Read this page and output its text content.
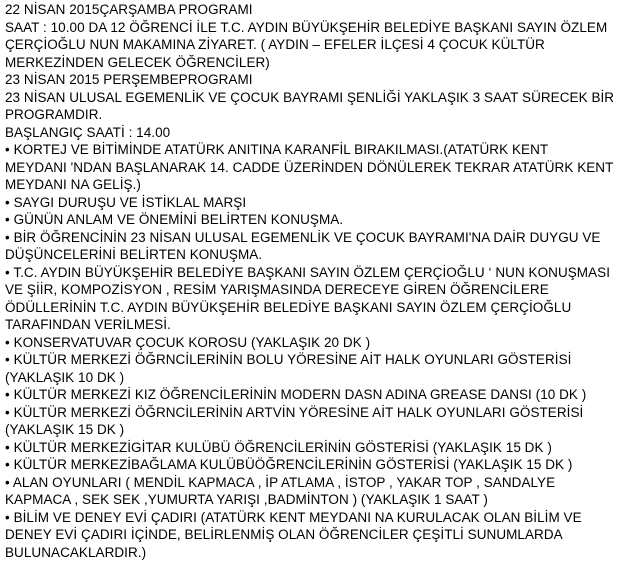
22 NİSAN 2015ÇARŞAMBA PROGRAMI
SAAT : 10.00 DA 12 ÖĞRENCİ İLE T.C. AYDIN BÜYÜKŞEHİR BELEDİYE BAŞKANI SAYIN ÖZLEM
ÇERÇİOĞLU NUN MAKAMINA ZİYARET. ( AYDIN – EFELER İLÇESİ 4 ÇOCUK KÜLTÜR
MERKEZİNDEN GELECEK ÖĞRENCİLER)
23 NİSAN 2015 PERŞEMBEPROGRAMI
23 NİSAN ULUSAL EGEMENLİK VE ÇOCUK BAYRAMI ŞENLİĞİ YAKLAŞIK 3 SAAT SÜRECEK BİR
PROGRAMDIR.
BAŞLANGIÇ SAATİ : 14.00
• KORTEJ VE BİTİMİNDE ATATÜRK ANITINA KARANFİL BIRAKILMASI.(ATATÜRK KENT
MEYDANI 'NDAN BAŞLANARAK 14. CADDE ÜZERİNDEN DÖNÜLEREK TEKRAR ATATÜRK KENT
MEYDANI NA GELİŞ.)
• SAYGI DURUŞU VE İSTİKLAL MARŞI
• GÜNÜN ANLAM VE ÖNEMİNİ BELİRTEN KONUŞMA.
• BİR ÖĞRENCİNİN 23 NİSAN ULUSAL EGEMENLİK VE ÇOCUK BAYRAMI'NA DAİR DUYGU VE
DÜŞÜNCELERİNİ BELİRTEN KONUŞMA.
• T.C. AYDIN BÜYÜKŞEHİR BELEDİYE BAŞKANI SAYIN ÖZLEM ÇERÇİOĞLU ‘ NUN KONUŞMASI
VE ŞİİR, KOMPOZİSYON , RESİM YARIŞMASINDA DERECEYE GİREN ÖĞRENCİLERE
ÖDÜLLERİNİN T.C. AYDIN BÜYÜKŞEHİR BELEDİYE BAŞKANI SAYIN ÖZLEM ÇERÇİOĞLU
TARAFINDAN VERİLMESİ.
• KONSERVATUVAR ÇOCUK KOROSU (YAKLAŞIK 20 DK )
• KÜLTÜR MERKEZİ ÖĞRNCİLERİNİN BOLU YÖRESİNE AİT HALK OYUNLARI GÖSTERİSİ
(YAKLAŞIK 10 DK )
• KÜLTÜR MERKEZİ KIZ ÖĞRENCİLERİNİN MODERN DASN ADINA GREASE DANSI (10 DK )
• KÜLTÜR MERKEZİ ÖĞRNCİLERİNİN ARTVİN YÖRESİNE AİT HALK OYUNLARI GÖSTERİSİ
(YAKLAŞIK 15 DK )
• KÜLTÜR MERKEZİGİTAR KULÜBÜ ÖĞRENCİLERİNİN GÖSTERİSİ (YAKLAŞIK 15 DK )
• KÜLTÜR MERKEZİBAĞLAMA KULÜBÜÖĞRENCİLERİNİN GÖSTERİSİ (YAKLAŞIK 15 DK )
• ALAN OYUNLARI ( MENDİL KAPMACA , İP ATLAMA , İSTOP , YAKAR TOP , SANDALYE
KAPMACA , SEK SEK ,YUMURTA YARIŞI ,BADMİNTON ) (YAKLAŞIK 1 SAAT )
• BİLİM VE DENEY EVİ ÇADIRI (ATATÜRK KENT MEYDANI NA KURULACAK OLAN BİLİM VE
DENEY EVİ ÇADIRI İÇİNDE, BELİRLENMİŞ OLAN ÖĞRENCİLER ÇEŞİTLİ SUNUMLARDA
BULUNACAKLARDIR.)
